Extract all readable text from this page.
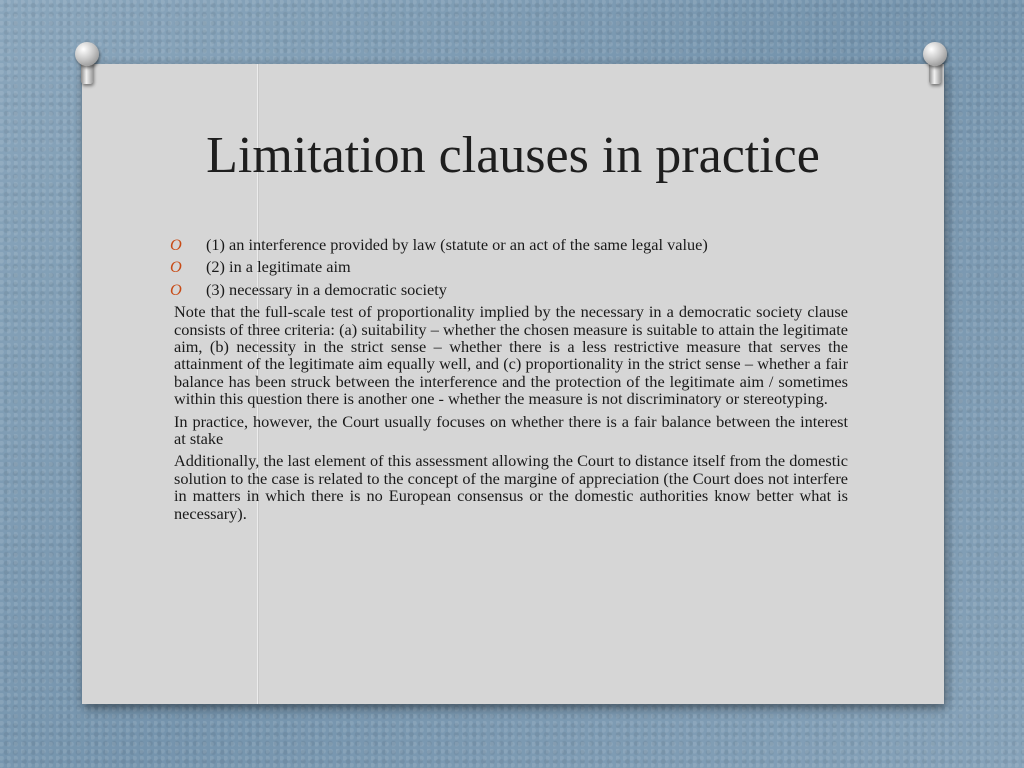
Limitation clauses in practice
O (1) an interference provided by law (statute or an act of the same legal value)
O (2) in a legitimate aim
O (3) necessary in a democratic society

Note that the full-scale test of proportionality implied by the necessary in a democratic society clause consists of three criteria: (a) suitability – whether the chosen measure is suitable to attain the legitimate aim, (b) necessity in the strict sense – whether there is a less restrictive measure that serves the attainment of the legitimate aim equally well, and (c) proportionality in the strict sense – whether a fair balance has been struck between the interference and the protection of the legitimate aim / sometimes within this question there is another one - whether the measure is not discriminatory or stereotyping.

In practice, however, the Court usually focuses on whether there is a fair balance between the interest at stake

Additionally, the last element of this assessment allowing the Court to distance itself from the domestic solution to the case is related to the concept of the margine of appreciation (the Court does not interfere in matters in which there is no European consensus or the domestic authorities know better what is necessary).
